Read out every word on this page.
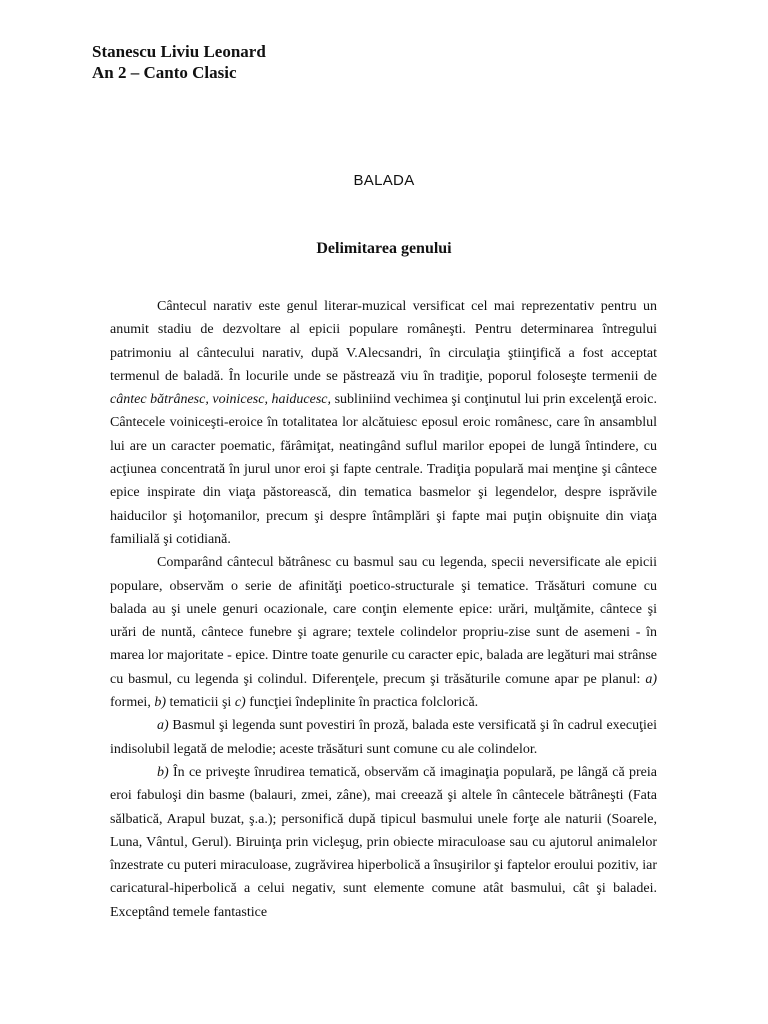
Stanescu Liviu Leonard
An 2 – Canto Clasic
BALADA
Delimitarea genului

Cântecul narativ este genul literar-muzical versificat cel mai reprezentativ pentru un anumit stadiu de dezvoltare al epicii populare româneşti. Pentru determinarea întregului patrimoniu al cântecului narativ, după V.Alecsandri, în circulaţia ştiinţifică a fost acceptat termenul de baladă. În locurile unde se păstrează viu în tradiţie, poporul foloseşte termenii de cântec bătrânesc, voinicesc, haiducesc, subliniind vechimea şi conţinutul lui prin excelenţă eroic. Cântecele voiniceşti-eroice în totalitatea lor alcătuiesc eposul eroic românesc, care în ansamblul lui are un caracter poematic, fărâmiţat, neatingând suflul marilor epopei de lungă întindere, cu acţiunea concentrată în jurul unor eroi şi fapte centrale. Tradiţia populară mai menţine şi cântece epice inspirate din viaţa păstorească, din tematica basmelor şi legendelor, despre isprăvile haiducilor şi hoţomanilor, precum şi despre întâmplări şi fapte mai puţin obişnuite din viaţa familială şi cotidiană.

Comparând cântecul bătrânesc cu basmul sau cu legenda, specii neversificate ale epicii populare, observăm o serie de afinităţi poetico-structurale şi tematice. Trăsături comune cu balada au şi unele genuri ocazionale, care conţin elemente epice: urări, mulţămite, cântece şi urări de nuntă, cântece funebre şi agrare; textele colindelor propriu-zise sunt de asemeni - în marea lor majoritate - epice. Dintre toate genurile cu caracter epic, balada are legături mai strânse cu basmul, cu legenda şi colindul. Diferenţele, precum şi trăsăturile comune apar pe planul: a) formei, b) tematicii şi c) funcţiei îndeplinite în practica folclorică.

a) Basmul şi legenda sunt povestiri în proză, balada este versificată şi în cadrul execuţiei indisolubil legată de melodie; aceste trăsături sunt comune cu ale colindelor.

b) În ce priveşte înrudirea tematică, observăm că imaginaţia populară, pe lângă că preia eroi fabuloşi din basme (balauri, zmei, zâne), mai creează şi altele în cântecele bătrâneşti (Fata sălbatică, Arapul buzat, ş.a.); personifică după tipicul basmului unele forţe ale naturii (Soarele, Luna, Vântul, Gerul). Biruinţa prin vicleşug, prin obiecte miraculoase sau cu ajutorul animalelor înzestrate cu puteri miraculoase, zugrăvirea hiperbolică a însuşirilor şi faptelor eroului pozitiv, iar caricatural-hiperbolică a celui negativ, sunt elemente comune atât basmului, cât şi baladei. Exceptând temele fantastice
